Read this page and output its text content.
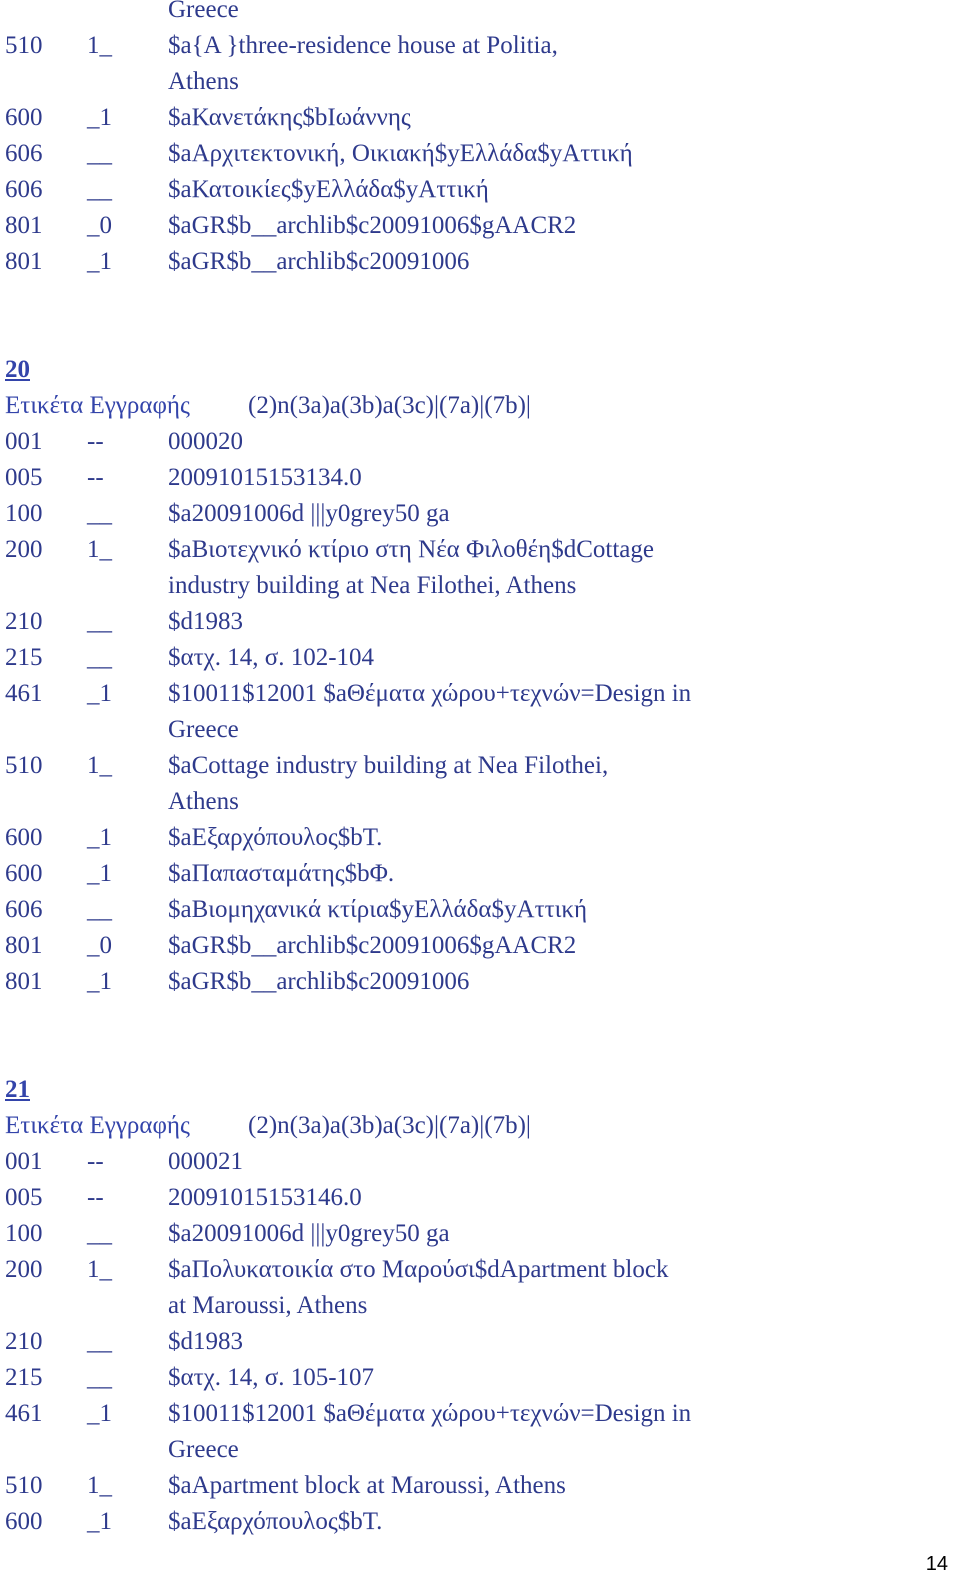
Greece
510 1_ $a{A }three-residence house at Politia,
Athens
600 _1 $aΚανετάκης$bΙωάννης
606 __ $aΑρχιτεκτονική, Οικιακή$yΕλλάδα$yΑττική
606 __ $aΚατοικίες$yΕλλάδα$yΑττική
801 _0 $aGR$b__archlib$c20091006$gAACR2
801 _1 $aGR$b__archlib$c20091006
20
Ετικέτα Εγγραφής (2)n(3a)a(3b)a(3c)|(7a)|(7b)|
001 --	000020
005 --	20091015153134.0
100 __ $a20091006d |||y0grey50 ga
200 1_ $aΒιοτεχνικό κτίριο στη Νέα Φιλοθέη$dCottage
industry building at Nea Filothei, Athens
210 __ $d1983
215 __ $ατχ. 14, σ. 102-104
461 _1 $10011$12001 $aΘέματα χώρου+τεχνών=Design in
Greece
510 1_ $aCottage industry building at Nea Filothei,
Athens
600 _1 $aΕξαρχόπουλος$bΤ.
600 _1 $aΠαπασταμάτης$bΦ.
606 __ $aΒιομηχανικά κτίρια$yΕλλάδα$yΑττική
801 _0 $aGR$b__archlib$c20091006$gAACR2
801 _1 $aGR$b__archlib$c20091006
21
Ετικέτα Εγγραφής (2)n(3a)a(3b)a(3c)|(7a)|(7b)|
001 --	000021
005 --	20091015153146.0
100 __ $a20091006d |||y0grey50 ga
200 1_ $aΠολυκατοικία στο Μαρούσι$dApartment block
at Maroussi, Athens
210 __ $d1983
215 __ $ατχ. 14, σ. 105-107
461 _1 $10011$12001 $aΘέματα χώρου+τεχνών=Design in
Greece
510 1_ $aApartment block at Maroussi, Athens
600 _1 $aΕξαρχόπουλος$bΤ.
14
